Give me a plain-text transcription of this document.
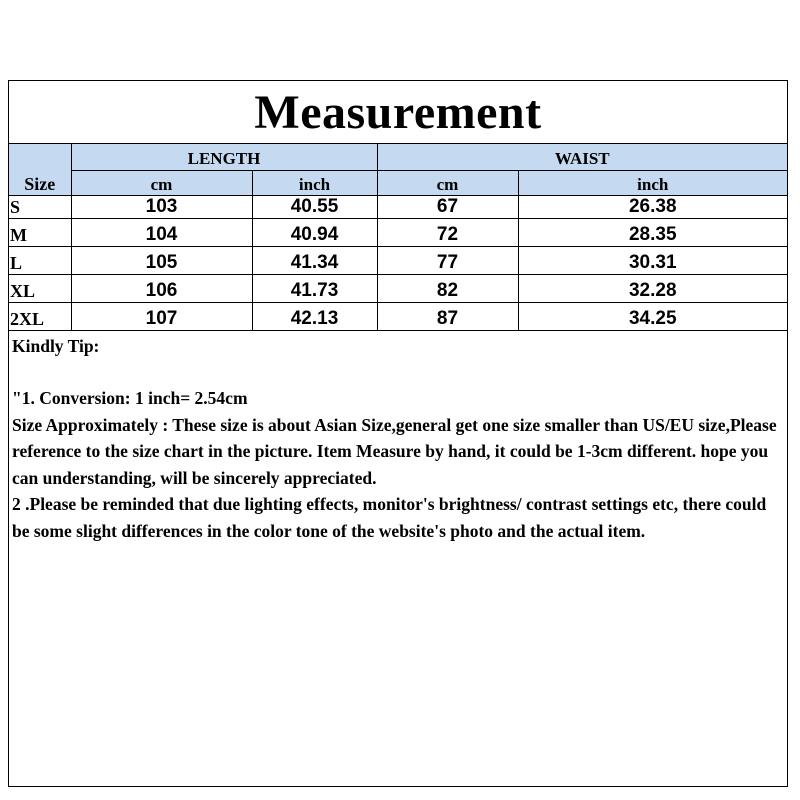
Measurement
Size	LENGTH		WAIST	
	cm	inch	cm	inch
S	103	40.55	67	26.38
M	104	40.94	72	28.35
L	105	41.34	77	30.31
XL	106	41.73	82	32.28
2XL	107	42.13	87	34.25

Kindly Tip:

"1. Conversion: 1 inch= 2.54cm

Size Approximately : These size is about Asian Size,general get one size smaller than US/EU size,Please reference to the size chart in the picture. Item Measure by hand, it could be 1-3cm different. hope you can understanding, will be sincerely appreciated.

2 .Please be reminded that due lighting effects, monitor's brightness/ contrast settings etc, there could be some slight differences in the color tone of the website's photo and the actual item.
